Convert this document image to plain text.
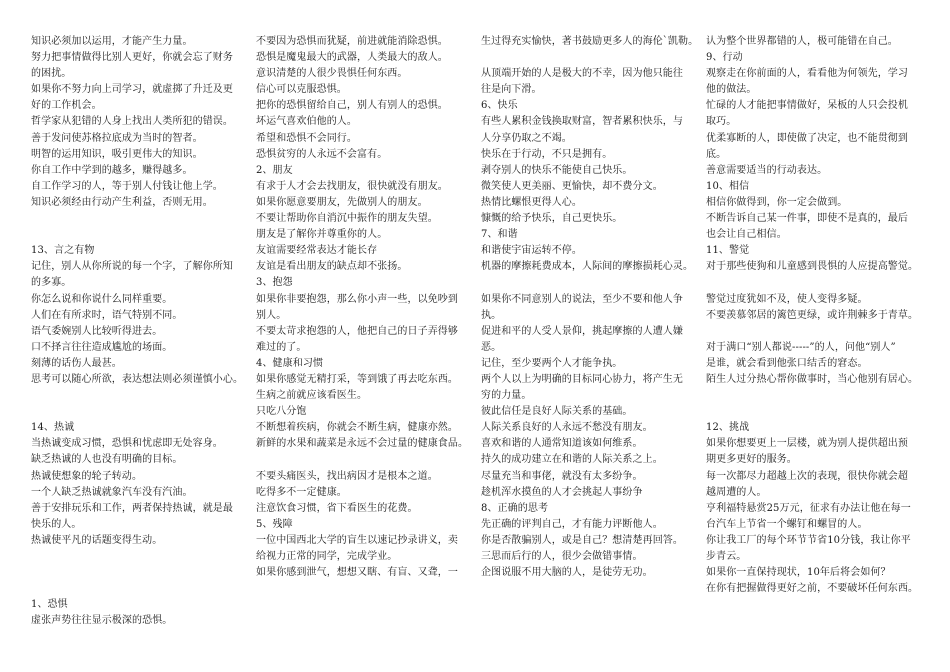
知识必须加以运用，才能产生力量。
努力把事情做得比别人更好，你就会忘了财务
的困扰。
如果你不努力向上司学习，就虚掷了升迁及更
好的工作机会。
哲学家从犯错的人身上找出人类所犯的错误。
善于发问使苏格拉底成为当时的智者。
明智的运用知识，吸引更伟大的知识。
你自工作中学到的越多，赚得越多。
自工作学习的人，等于别人付钱让他上学。
知识必须经由行动产生利益，否则无用。
13、言之有物
记住，别人从你所说的每一个字，了解你所知
的多寡。
你怎么说和你说什么同样重要。
人们在有所求时，语气特别不同。
语气委婉别人比较听得进去。
口不择言往往造成尴尬的场面。
刻薄的话伤人最甚。
思考可以随心所欲，表达想法则必须谨慎小心。
14、热诚
当热诚变成习惯，恐惧和忧虑即无处容身。
缺乏热诚的人也没有明确的目标。
热诚使想象的轮子转动。
一个人缺乏热诚就象汽车没有汽油。
善于安排玩乐和工作，两者保持热诚，就是最
快乐的人。
热诚使平凡的话题变得生动。
1、恐惧
虚张声势往往显示极深的恐惧。
不要因为恐惧而犹疑，前进就能消除恐惧。
恐惧是魔鬼最大的武器，人类最大的敌人。
意识清楚的人很少畏惧任何东西。
信心可以克服恐惧。
把你的恐惧留给自己，别人有别人的恐惧。
坏运气喜欢伯他的人。
希望和恐惧不会同行。
恐惧贫穷的人永远不会富有。
2、朋友
有求于人才会去找朋友，很快就没有朋友。
如果你愿意要朋友，先做别人的朋友。
不要让帮助你自消沉中振作的朋友失望。
朋友是了解你并尊重你的人。
友谊需要经常表达才能长存
友谊是看出朋友的缺点却不张扬。
3、抱怨
如果你非要抱怨，那么你小声一些，以免吵到
别人。
不要太苛求抱怨的人，他把自己的日子弄得够
难过的了。
4、健康和习惯
如果你感觉无精打采，等到饿了再去吃东西。
生病之前就应该看医生。
只吃八分饱
不断想着疾病，你就会不断生病，健康亦然。
新鲜的水果和蔬菜是永远不会过量的健康食品。
不要头痛医头，找出病因才是根本之道。
吃得多不一定健康。
注意饮食习惯，省下看医生的花费。
5、残障
一位中国西北大学的盲生以速记抄录讲义，卖
给视力正常的同学，完成学业。
如果你感到泄气，想想又瞎、有盲、又聋，一
生过得充实愉快，著书鼓励更多人的海伦`凯勒。
从顶端开始的人是极大的不幸，因为他只能往
往是向下滑。
6、快乐
有些人累积金钱换取财富，智者累积快乐，与
人分享仍取之不竭。
快乐在于行动，不只是拥有。
剥夺别人的快乐不能使自己快乐。
微笑使人更美丽、更愉快，却不费分文。
热情比螺恨更得人心。
慷慨的给予快乐，自己更快乐。
7、和谐
和谐使宇宙运转不停。
机器的摩擦耗费成本，人际间的摩擦损耗心灵。
如果你不同意别人的说法，至少不要和他人争
执。
促进和平的人受人景仰，挑起摩擦的人遭人嫌
恶。
记住，至少要两个人才能争执。
两个人以上为明确的目标同心协力，将产生无
穷的力量。
彼此信任是良好人际关系的基础。
人际关系良好的人永远不愁没有朋友。
喜欢和谐的人通常知道该如何维系。
持久的成功建立在和谐的人际关系之上。
尽量充当和事佬，就没有太多纷争。
趁机浑水摸鱼的人才会挑起人事纷争
8、正确的思考
先正确的评判自己，才有能力评断他人。
你是否散骗别人，或是自己？想清楚再回答。
三思而后行的人，很少会做错事情。
企图说服不用大脑的人，是徒劳无功。
认为整个世界都错的人，极可能错在自己。
9、行动
观察走在你前面的人，看看他为何领先，学习
他的做法。
忙碌的人才能把事情做好，呆板的人只会投机
取巧。
优柔寡断的人，即使做了决定，也不能贯彻到
底。
善意需要适当的行动表达。
10、相信
相信你做得到，你一定会做到。
不断告诉自己某一件事，即使不是真的，最后
也会让自己相信。
11、警觉
对于那些使狗和儿童感到畏惧的人应提高警觉。
警觉过度犹如不及，使人变得多疑。
不要羡慕邻居的篱笆更绿，或许荆棘多于青草。
对于满口“别人都说-----”的人，问他“别人”
是谁，就会看到他张口结舌的窘态。
陌生人过分热心帮你做事时，当心他别有居心。
12、挑战
如果你想要更上一层楼，就为别人提供超出预
期更多更好的服务。
每一次都尽力超越上次的表现，很快你就会超
越周遭的人。
亨利福特悬赏25万元，征求有办法让他在每一
台汽车上节省一个螺钉和螺冒的人。
你让我工厂的每个环节节省10分钱，我让你平
步青云。
如果你一直保持现状，10年后将会如何？
在你有把握做得更好之前，不要破坏任何东西。
